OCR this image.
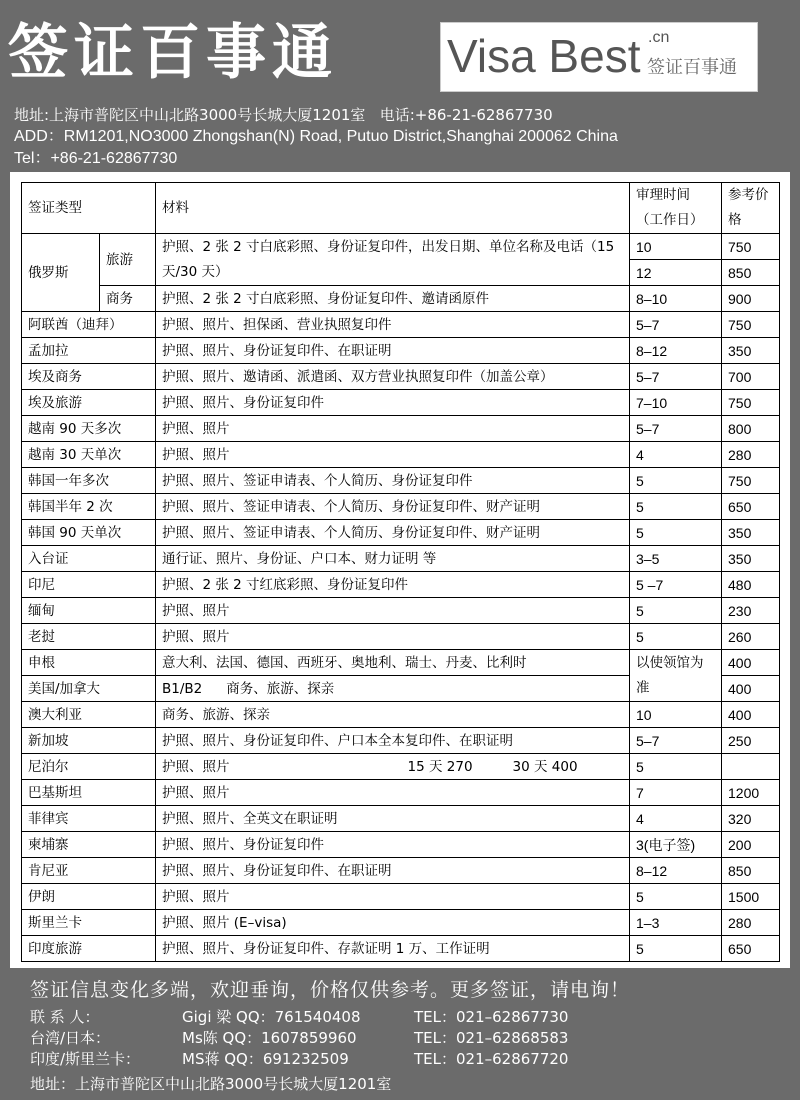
签证百事通 Visa Best .cn
签证百事通
地址:上海市普陀区中山北路3000号长城大厦1201室 电话:+86-21-62867730
ADD：RM1201,NO3000 Zhongshan(N) Road, Putuo District,Shanghai 200062 China
Tel：+86-21-62867730
签证类型		材料	审理时间（工作日）	参考价格
俄罗斯	旅游	护照、2 张 2 寸白底彩照、身份证复印件，出发日期、单位名称及电话（15 天/30 天）	10	750
			12	850
	商务	护照、2 张 2 寸白底彩照、身份证复印件、邀请函原件	8–10	900
阿联酋（迪拜）		护照、照片、担保函、营业执照复印件	5–7	750
孟加拉		护照、照片、身份证复印件、在职证明	8–12	350
埃及商务		护照、照片、邀请函、派遣函、双方营业执照复印件（加盖公章）	5–7	700
埃及旅游		护照、照片、身份证复印件	7–10	750
越南 90 天多次		护照、照片	5–7	800
越南 30 天单次		护照、照片	4	280
韩国一年多次		护照、照片、签证申请表、个人简历、身份证复印件	5	750
韩国半年 2 次		护照、照片、签证申请表、个人简历、身份证复印件、财产证明	5	650
韩国 90 天单次		护照、照片、签证申请表、个人简历、身份证复印件、财产证明	5	350
入台证		通行证、照片、身份证、户口本、财力证明 等	3–5	350
印尼		护照、2 张 2 寸红底彩照、身份证复印件	5 –7	480
缅甸		护照、照片	5	230
老挝		护照、照片	5	260
申根		意大利、法国、德国、西班牙、奥地利、瑞士、丹麦、比利时	以使领馆为准	400
美国/加拿大		B1/B2 商务、旅游、探亲		400
澳大利亚		商务、旅游、探亲	10	400
新加坡		护照、照片、身份证复印件、户口本全本复印件、在职证明	5–7	250
尼泊尔		护照、照片 15 天 270 30 天 400	5	
巴基斯坦		护照、照片	7	1200
菲律宾		护照、照片、全英文在职证明	4	320
柬埔寨		护照、照片、身份证复印件	3(电子签)	200
肯尼亚		护照、照片、身份证复印件、在职证明	8–12	850
伊朗		护照、照片	5	1500
斯里兰卡		护照、照片 (E–visa)	1–3	280
印度旅游		护照、照片、身份证复印件、存款证明 1 万、工作证明	5	650
签证信息变化多端，欢迎垂询，价格仅供参考。更多签证，请电询！
联 系 人：	Gigi 梁 QQ：761540408	TEL：021–62867730
台湾/日本：	Ms陈 QQ：1607859960	TEL：021–62868583
印度/斯里兰卡：	MS蒋 QQ：691232509	TEL：021–62867720
地址：上海市普陀区中山北路3000号长城大厦1201室
